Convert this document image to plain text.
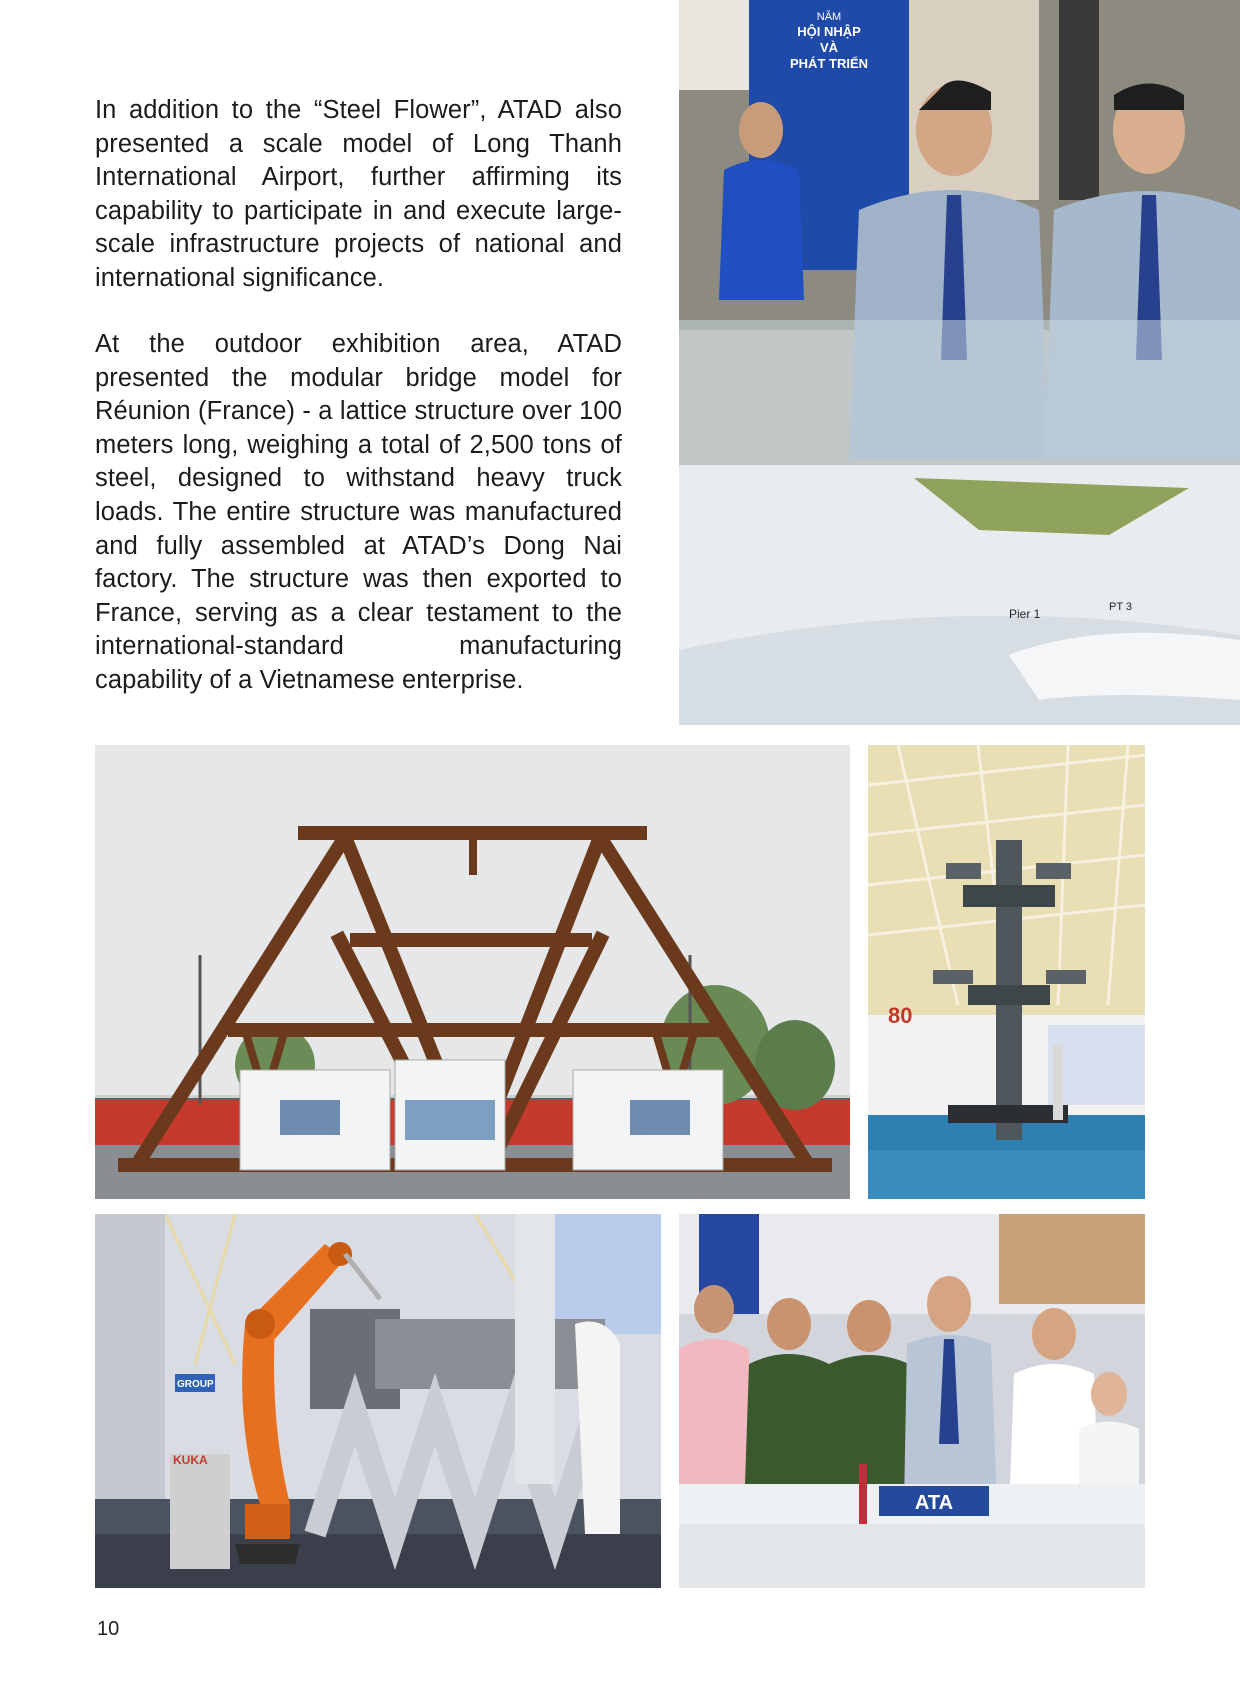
In addition to the “Steel Flower”, ATAD also presented a scale model of Long Thanh International Airport, further affirming its capability to participate in and execute large-scale infrastructure projects of national and international significance.

At the outdoor exhibition area, ATAD presented the modular bridge model for Réunion (France) - a lattice structure over 100 meters long, weighing a total of 2,500 tons of steel, designed to withstand heavy truck loads. The entire structure was manufactured and fully assembled at ATAD’s Dong Nai factory. The structure was then exported to France, serving as a clear testament to the international-standard manufacturing capability of a Vietnamese enterprise.

NĂM
HỘI NHẬP
VÀ
PHÁT TRIỂN
Pier 1	PT 3
80
KUKA
GROUP
ATA
10
